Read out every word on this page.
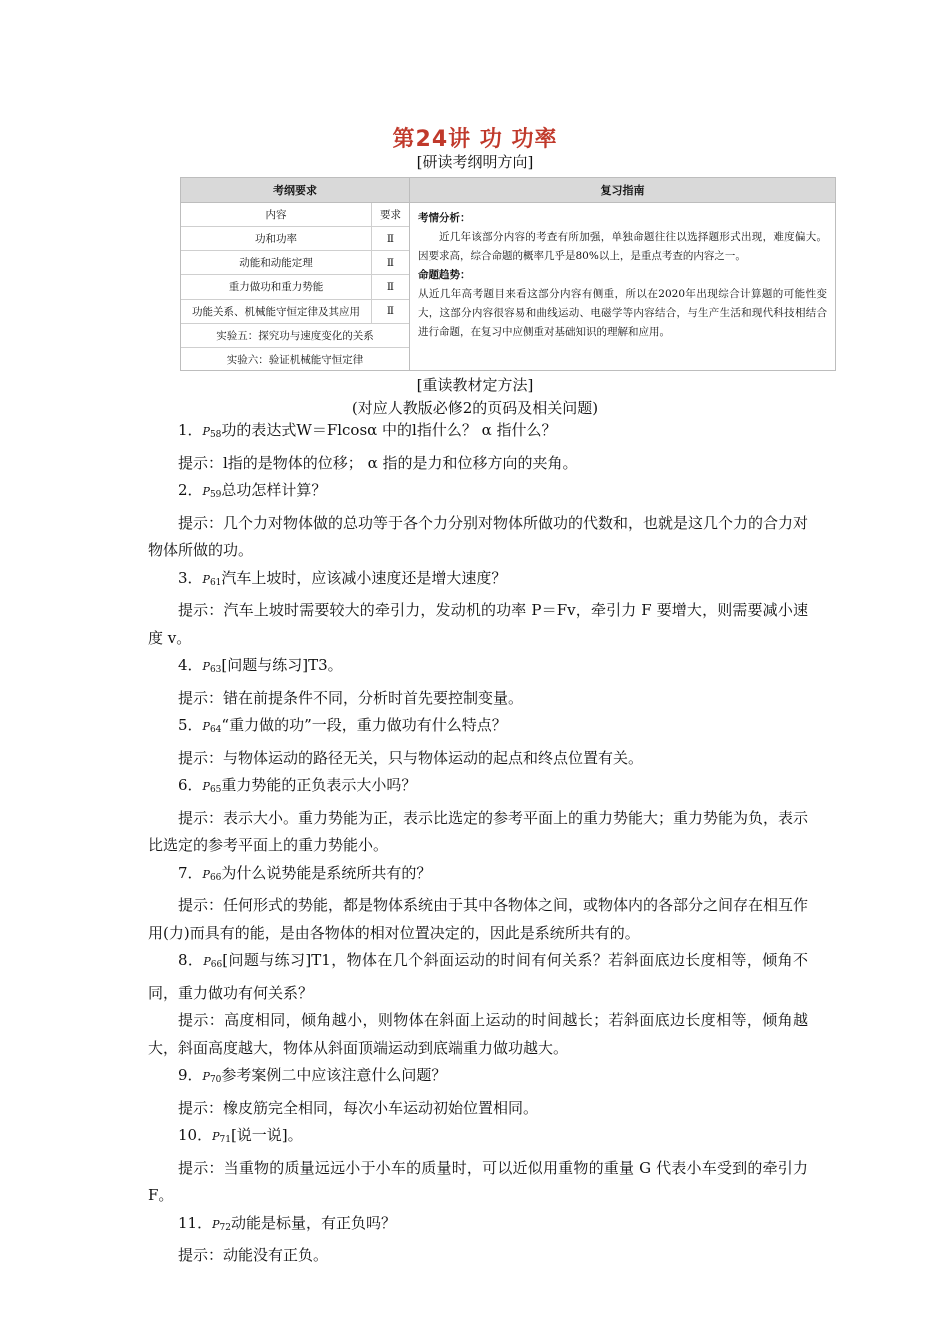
第24讲 功 功率
[研读考纲明方向]
考纲要求	复习指南
内容	要求
功和功率	Ⅱ
动能和动能定理	Ⅱ
重力做功和重力势能	Ⅱ
功能关系、机械能守恒定律及其应用	Ⅱ
实验五：探究功与速度变化的关系
实验六：验证机械能守恒定律

考情分析：

近几年该部分内容的考查有所加强，单独命题往往以选择题形式出现，难度偏大。因要求高，综合命题的概率几乎是80%以上，是重点考查的内容之一。

命题趋势：

从近几年高考题目来看这部分内容有侧重，所以在2020年出现综合计算题的可能性变大，这部分内容很容易和曲线运动、电磁学等内容结合，与生产生活和现代科技相结合进行命题，在复习中应侧重对基础知识的理解和应用。

[重读教材定方法]
(对应人教版必修2的页码及相关问题)

1．P58功的表达式W＝Flcosα 中的l指什么？ α 指什么？

提示：l指的是物体的位移； α 指的是力和位移方向的夹角。

2．P59总功怎样计算？

提示：几个力对物体做的总功等于各个力分别对物体所做功的代数和，也就是这几个力的合力对物体所做的功。

3．P61汽车上坡时，应该减小速度还是增大速度？

提示：汽车上坡时需要较大的牵引力，发动机的功率 P＝Fv，牵引力 F 要增大，则需要减小速度 v。

4．P63[问题与练习]T3。

提示：错在前提条件不同，分析时首先要控制变量。

5．P64“重力做的功”一段，重力做功有什么特点？

提示：与物体运动的路径无关，只与物体运动的起点和终点位置有关。

6．P65重力势能的正负表示大小吗？

提示：表示大小。重力势能为正，表示比选定的参考平面上的重力势能大；重力势能为负，表示比选定的参考平面上的重力势能小。

7．P66为什么说势能是系统所共有的？

提示：任何形式的势能，都是物体系统由于其中各物体之间，或物体内的各部分之间存在相互作用(力)而具有的能，是由各物体的相对位置决定的，因此是系统所共有的。

8．P66[问题与练习]T1，物体在几个斜面运动的时间有何关系？若斜面底边长度相等，倾角不同，重力做功有何关系？

提示：高度相同，倾角越小，则物体在斜面上运动的时间越长；若斜面底边长度相等，倾角越大，斜面高度越大，物体从斜面顶端运动到底端重力做功越大。

9．P70参考案例二中应该注意什么问题？

提示：橡皮筋完全相同，每次小车运动初始位置相同。

10．P71[说一说]。

提示：当重物的质量远远小于小车的质量时，可以近似用重物的重量 G 代表小车受到的牵引力 F。

11．P72动能是标量，有正负吗？

提示：动能没有正负。
